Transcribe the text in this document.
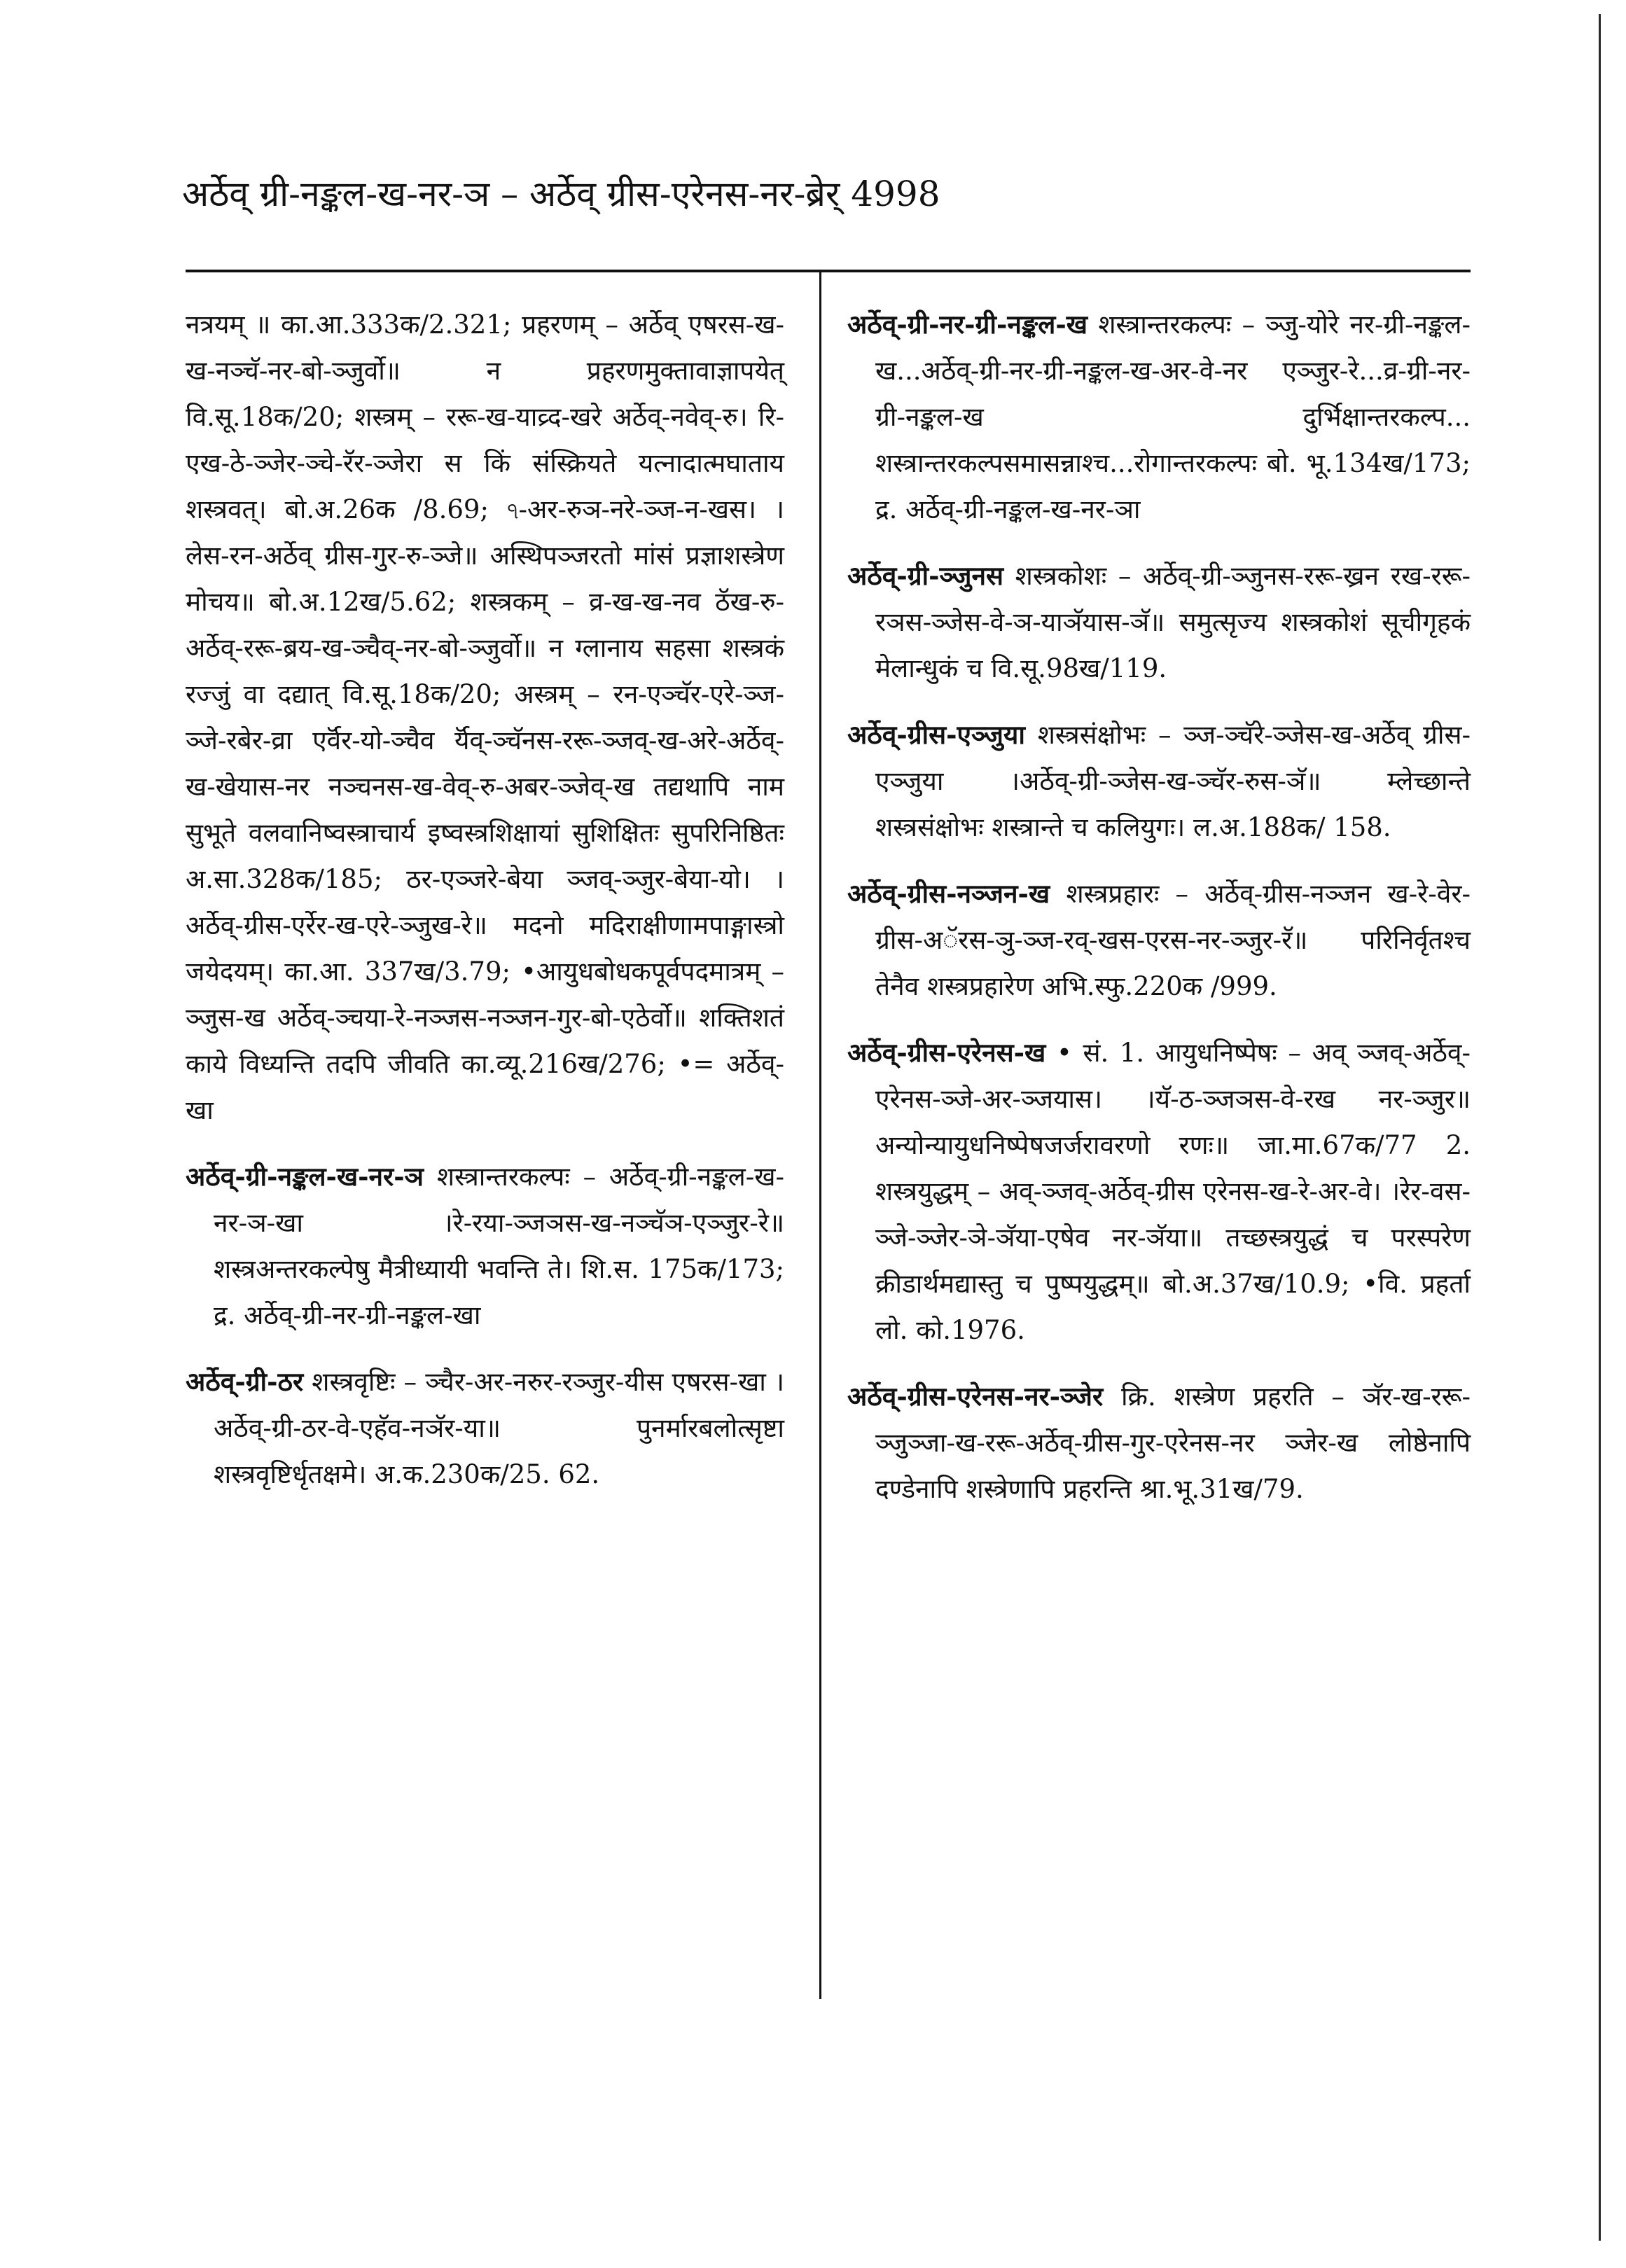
अर्ठेव्‌ ग्री-नङ्कल-ख-नर-ञ – अर्ठेव्‌ ग्रीस-एरेनस-नर-ब्रेर् 4998

नत्रयम् ॥ का.आ.333क/2.321; प्रहरणम् – अर्ठेव् एषरस-ख-ख-नञ्चॅ-नर-बो-ञ्जुर्वो॥ न प्रहरणमुक्तावाज्ञापयेत् वि.सू.18क/20; शस्त्रम् – ररू-ख-याव्र्द-खरे अर्ठेव्‌-नवेव्‌-रु। रि-एख-ठे-ञ्जेर-ञ्चे-रॅर-ञ्जेरा स किं संस्क्रियते यत्नादात्मघाताय शस्त्रवत्। बो.अ.26क /8.69; ঀ-अर-रुञ-नरे-ञ्ज-न-खस। ।लेस-रन-अर्ठेव् ग्रीस-गुर-रु-ञ्जे॥ अस्थिपञ्जरतो मांसं प्रज्ञाशस्त्रेण मोचय॥ बो.अ.12ख/5.62; शस्त्रकम् – व्र-ख-ख-नव ठॅख-रु-अर्ठेव्‌-ररू-ब्रय-ख-ञ्चैव्‌-नर-बो-ञ्जुर्वो॥ न ग्लानाय सहसा शस्त्रकं रज्जुं वा दद्यात् वि.सू.18क/20; अस्त्रम् – रन-एञ्चॅर-एरे-ञ्ज-ञ्जे-रबेर-व्रा एर्वॅर-यो-ञ्चैव र्यॅव्‌-ञ्चॅनस-ररू-ञ्जव्‌-ख-अरे-अर्ठेव्‌-ख-खेयास-नर नञ्चनस-ख-वेव्‌-रु-अबर-ञ्जेव्‌-ख तद्यथापि नाम सुभूते वलवानिष्वस्त्राचार्य इष्वस्त्रशिक्षायां सुशिक्षितः सुपरिनिष्ठितः अ.सा.328क/185; ठर-एञ्जरे-बेया ञ्जव्‌-ञ्जुर-बेया-यो। ।अर्ठेव्‌-ग्रीस-एर्रेर-ख-एरे-ञ्जुख-रे॥ मदनो मदिराक्षीणामपाङ्गास्त्रो जयेदयम्। का.आ. 337ख/3.79; •आयुधबोधकपूर्वपदमात्रम् – ञ्जुस-ख अर्ठेव्‌-ञ्चया-रे-नञ्जस-नञ्जन-गुर-बो-एठेर्वो॥ शक्तिशतं काये विध्यन्ति तदपि जीवति का.व्यू.216ख/276; •= अर्ठेव्‌-खा

अर्ठेव्‌-ग्री-नङ्कल-ख-नर-ञ शस्त्रान्तरकल्पः – अर्ठेव्‌-ग्री-नङ्कल-ख-नर-ञ-खा ।रे-रया-ञ्जञस-ख-नञ्चॅञ-एञ्जुर-रे॥ शस्त्रअन्तरकल्पेषु मैत्रीध्यायी भवन्ति ते। शि.स. 175क/173; द्र. अर्ठेव्‌-ग्री-नर-ग्री-नङ्कल-खा

अर्ठेव्‌-ग्री-ठर शस्त्रवृष्टिः – ञ्चैर-अर-नरुर-रञ्जुर-यीस एषरस-खा ।अर्ठेव्‌-ग्री-ठर-वे-एहॅव-नञॅर-या॥ पुनर्मारबलोत्सृष्टा शस्त्रवृष्टिर्धृतक्षमे। अ.क.230क/25. 62.

अर्ठेव्‌-ग्री-नर-ग्री-नङ्कल-ख शस्त्रान्तरकल्पः – ञ्जु-योरे नर-ग्री-नङ्कल-ख...अर्ठेव्‌-ग्री-नर-ग्री-नङ्कल-ख-अर-वे-नर एञ्जुर-रे...व्र-ग्री-नर-ग्री-नङ्कल-ख दुर्भिक्षान्तरकल्प... शस्त्रान्तरकल्पसमासन्नाश्च...रोगान्तरकल्पः बो. भू.134ख/173; द्र. अर्ठेव्‌-ग्री-नङ्कल-ख-नर-ञा

अर्ठेव्‌-ग्री-ञ्जुनस शस्त्रकोशः – अर्ठेव्‌-ग्री-ञ्जुनस-ररू-ख्रन रख-ररू-रञस-ञ्जेस-वे-ञ-याञॅयास-ञॅ॥ समुत्सृज्य शस्त्रकोशं सूचीगृहकं मेलान्धुकं च वि.सू.98ख/119.

अर्ठेव्‌-ग्रीस-एञ्जुया शस्त्रसंक्षोभः – ञ्ज-ञ्चॅरे-ञ्जेस-ख-अर्ठेव् ग्रीस-एञ्जुया ।अर्ठेव्‌-ग्री-ञ्जेस-ख-ञ्चॅर-रुस-ञॅ॥ म्लेच्छान्ते शस्त्रसंक्षोभः शस्त्रान्ते च कलियुगः। ल.अ.188क/ 158.

अर्ठेव्‌-ग्रीस-नञ्जन-ख शस्त्रप्रहारः – अर्ठेव्‌-ग्रीस-नञ्जन ख-रे-वेर-ग्रीस-अॅरस-ञु-ञ्ज-रव्‌-खस-एरस-नर-ञ्जुर-रॅ॥ परिनिर्वृतश्च तेनैव शस्त्रप्रहारेण अभि.स्फु.220क /999.

अर्ठेव्‌-ग्रीस-एरेनस-ख • सं. 1. आयुधनिष्पेषः – अव् ञ्जव्‌-अर्ठेव्‌-एरेनस-ञ्जे-अर-ञ्जयास। ।यॅ-ठ-ञ्जञस-वे-रख नर-ञ्जुर॥ अन्योन्यायुधनिष्पेषजर्जरावरणो रणः॥ जा.मा.67क/77 2. शस्त्रयुद्धम् – अव्‌-ञ्जव्‌-अर्ठेव्‌-ग्रीस एरेनस-ख-रे-अर-वे। ।रेर-वस-ञ्जे-ञ्जेर-ञे-ञॅया-एषेव नर-ञॅया॥ तच्छस्त्रयुद्धं च परस्परेण क्रीडार्थमद्यास्तु च पुष्पयुद्धम्॥ बो.अ.37ख/10.9; •वि. प्रहर्ता लो. को.1976.

अर्ठेव्‌-ग्रीस-एरेनस-नर-ञ्जेर क्रि. शस्त्रेण प्रहरति – ञॅर-ख-ररू-ञ्जुञ्जा-ख-ररू-अर्ठेव्‌-ग्रीस-गुर-एरेनस-नर ञ्जेर-ख लोष्ठेनापि दण्डेनापि शस्त्रेणापि प्रहरन्ति श्रा.भू.31ख/79.
